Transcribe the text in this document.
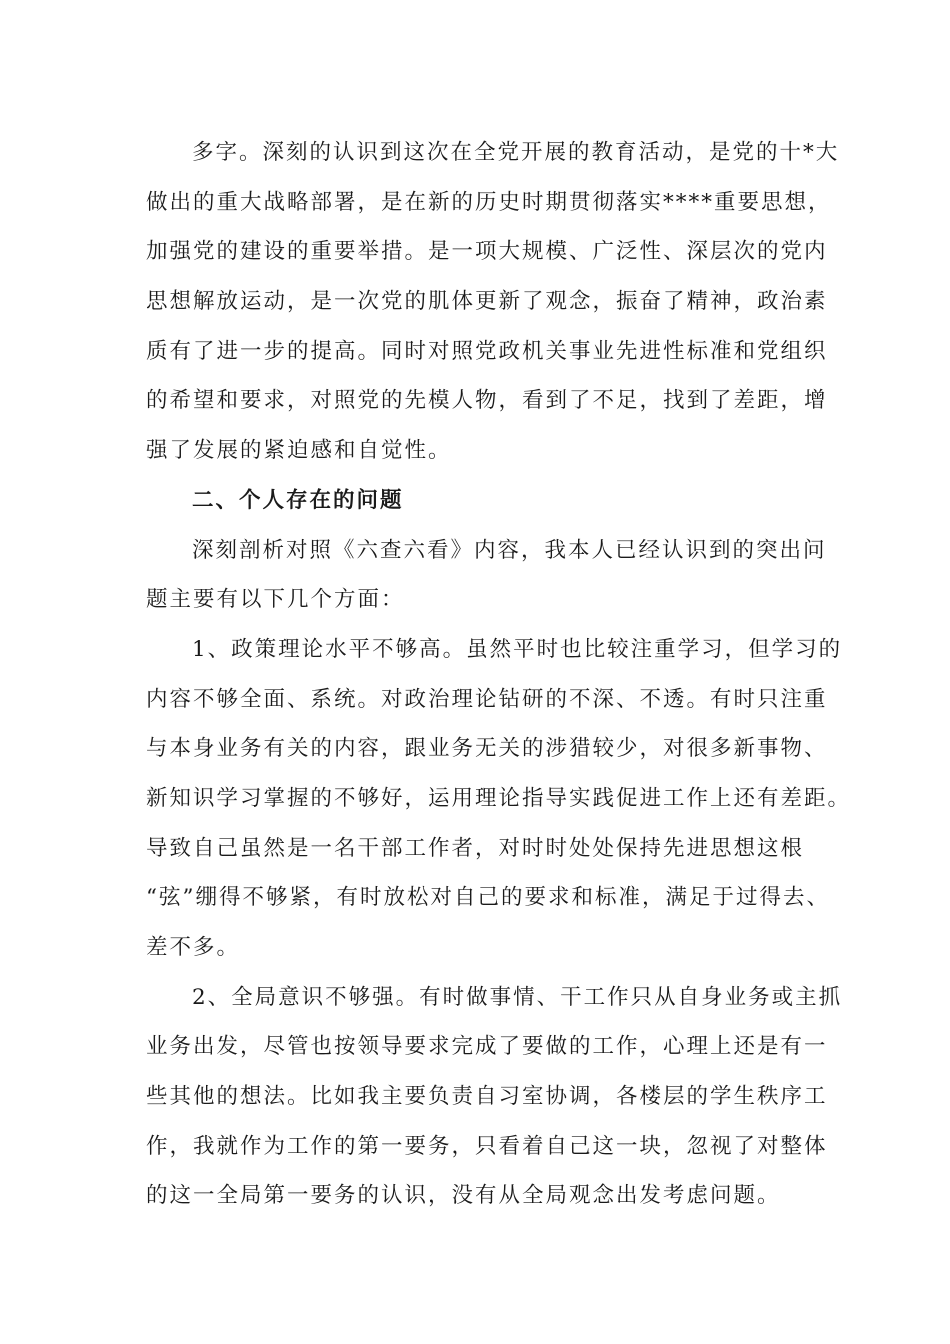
多字。深刻的认识到这次在全党开展的教育活动，是党的十*大
做出的重大战略部署，是在新的历史时期贯彻落实****重要思想，
加强党的建设的重要举措。是一项大规模、广泛性、深层次的党内
思想解放运动，是一次党的肌体更新了观念，振奋了精神，政治素
质有了进一步的提高。同时对照党政机关事业先进性标准和党组织
的希望和要求，对照党的先模人物，看到了不足，找到了差距，增
强了发展的紧迫感和自觉性。
二、个人存在的问题
深刻剖析对照《六查六看》内容，我本人已经认识到的突出问
题主要有以下几个方面：
1、政策理论水平不够高。虽然平时也比较注重学习，但学习的
内容不够全面、系统。对政治理论钻研的不深、不透。有时只注重
与本身业务有关的内容，跟业务无关的涉猎较少，对很多新事物、
新知识学习掌握的不够好，运用理论指导实践促进工作上还有差距。
导致自己虽然是一名干部工作者，对时时处处保持先进思想这根
“弦”绷得不够紧，有时放松对自己的要求和标准，满足于过得去、
差不多。
2、全局意识不够强。有时做事情、干工作只从自身业务或主抓
业务出发，尽管也按领导要求完成了要做的工作，心理上还是有一
些其他的想法。比如我主要负责自习室协调，各楼层的学生秩序工
作，我就作为工作的第一要务，只看着自己这一块，忽视了对整体
的这一全局第一要务的认识，没有从全局观念出发考虑问题。
